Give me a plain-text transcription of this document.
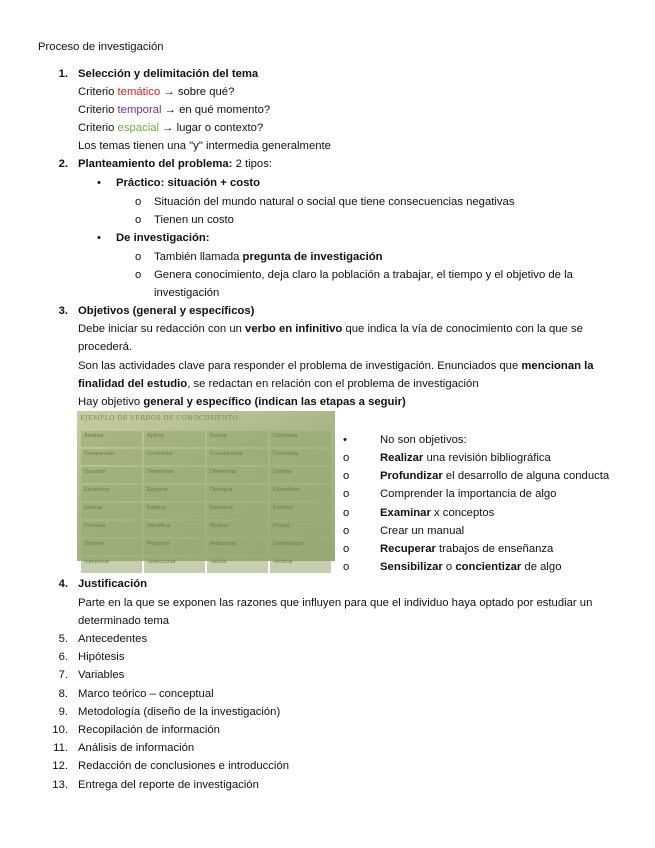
Proceso de investigación
1. Selección y delimitación del tema
Criterio temático → sobre qué?
Criterio temporal → en qué momento?
Criterio espacial → lugar o contexto?
Los temas tienen una "y" intermedia generalmente
2. Planteamiento del problema: 2 tipos:
• Práctico: situación + costo
o Situación del mundo natural o social que tiene consecuencias negativas
o Tienen un costo
• De investigación:
o También llamada pregunta de investigación
o Genera conocimiento, deja claro la población a trabajar, el tiempo y el objetivo de la
investigación
3. Objetivos (general y específicos)
Debe iniciar su redacción con un verbo en infinitivo que indica la vía de conocimiento con la que se
procederá.
Son las actividades clave para responder el problema de investigación. Enunciados que mencionan la
finalidad del estudio, se redactan en relación con el problema de investigación
Hay objetivo general y específico (indican las etapas a seguir)
EJEMPLO DE VERBOS DE CONOCIMIENTO
Analizar	Aplicar	Buscar	Comparar
Comprender	Confrontar	Correlacionar	Contrastar
Describir	Determinar	Diferenciar	Diseñar
Establecer	Explorar	Distinguir	Especificar
Evaluar	Explicar	Examinar	Exponer
Formular	Identificar	Mostrar	Probar
Obtener	Proponer	Relacionar	Sistematizar
Interpretar	Seleccionar	Validar	Verificar
•	No son objetivos:
o	Realizar una revisión bibliográfica
o	Profundizar el desarrollo de alguna conducta
o	Comprender la importancia de algo
o	Examinar x conceptos
o	Crear un manual
o	Recuperar trabajos de enseñanza
o	Sensibilizar o concientizar de algo
4. Justificación
Parte en la que se exponen las razones que influyen para que el individuo haya optado por estudiar un
determinado tema
5. Antecedentes
6. Hipótesis
7. Variables
8. Marco teórico – conceptual
9. Metodología (diseño de la investigación)
10. Recopilación de información
11. Análisis de información
12. Redacción de conclusiones e introducción
13. Entrega del reporte de investigación
